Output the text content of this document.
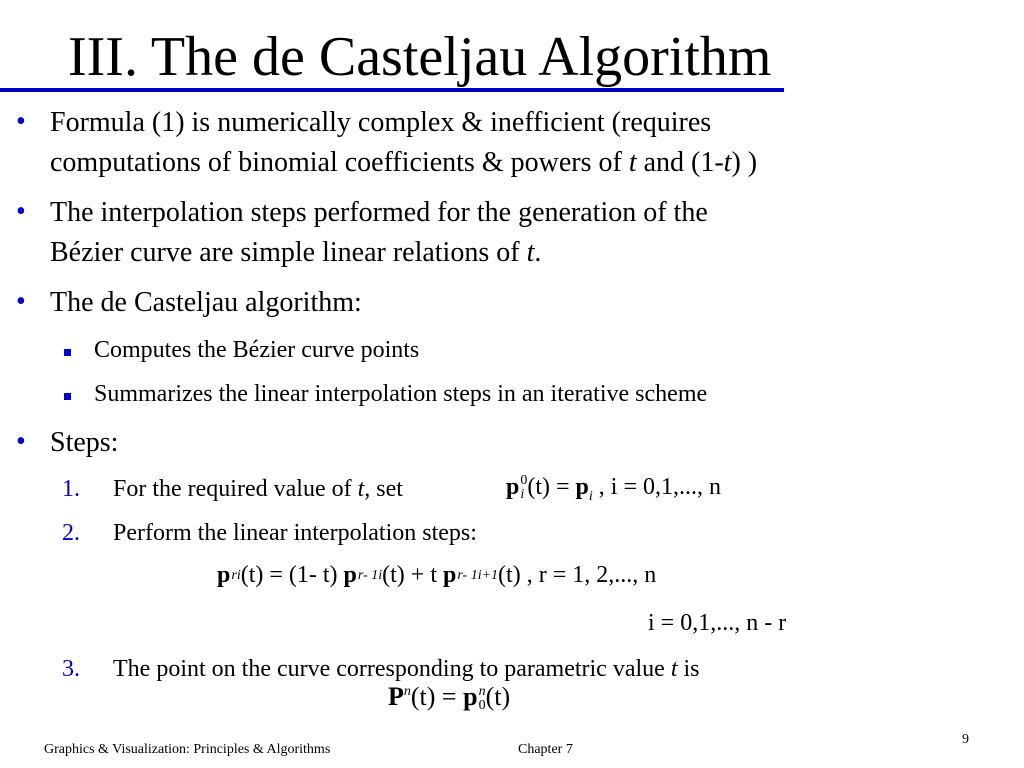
III. The de Casteljau Algorithm
• Formula (1) is numerically complex & inefficient (requires
computations of binomial coefficients & powers of t and (1-t) )
• The interpolation steps performed for the generation of the
Bézier curve are simple linear relations of t.
• The de Casteljau algorithm:
Computes the Bézier curve points
Summarizes the linear interpolation steps in an iterative scheme
• Steps:
1. For the required value of t, set	p 0
i $(t) = p_i$ , i = 0,1,..., n
2. Perform the linear interpolation steps:
pri(t) = (1- t) pr- 1i(t) + t pr- 1i+1(t) , r = 1, 2,..., n
i = 0,1,..., n - r
3. The point on the curve corresponding to parametric value t is
$P^n(t)$ = pn
0 (t)
Graphics & Visualization: Principles & Algorithms	Chapter 7
9
